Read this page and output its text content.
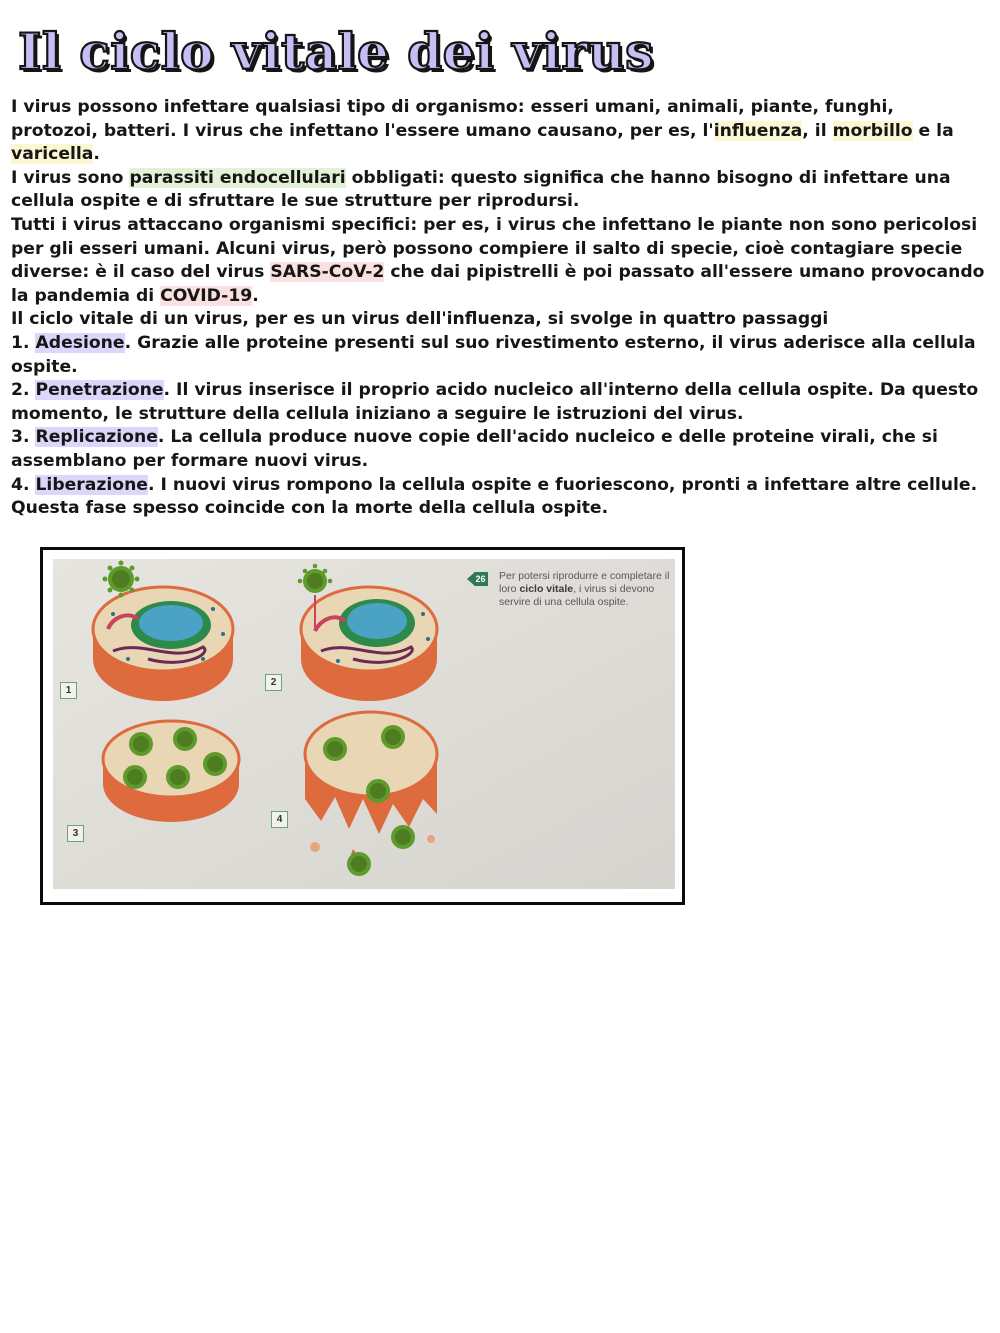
Il ciclo vitale dei virus

I virus possono infettare qualsiasi tipo di organismo: esseri umani, animali, piante, funghi, protozoi, batteri. I virus che infettano l'essere umano causano, per es, l'influenza, il morbillo e la varicella.

I virus sono parassiti endocellulari obbligati: questo significa che hanno bisogno di infettare una cellula ospite e di sfruttare le sue strutture per riprodursi.

Tutti i virus attaccano organismi specifici: per es, i virus che infettano le piante non sono pericolosi per gli esseri umani. Alcuni virus, però possono compiere il salto di specie, cioè contagiare specie diverse: è il caso del virus SARS-CoV-2 che dai pipistrelli è poi passato all'essere umano provocando la pandemia di COVID-19.

Il ciclo vitale di un virus, per es un virus dell'influenza, si svolge in quattro passaggi

1. Adesione. Grazie alle proteine presenti sul suo rivestimento esterno, il virus aderisce alla cellula ospite.

2. Penetrazione. Il virus inserisce il proprio acido nucleico all'interno della cellula ospite. Da questo momento, le strutture della cellula iniziano a seguire le istruzioni del virus.

3. Replicazione. La cellula produce nuove copie dell'acido nucleico e delle proteine virali, che si assemblano per formare nuovi virus.

4. Liberazione. I nuovi virus rompono la cellula ospite e fuoriescono, pronti a infettare altre cellule. Questa fase spesso coincide con la morte della cellula ospite.

26 Per potersi riprodurre e completare il loro ciclo vitale, i virus si devono servire di una cellula ospite.
1
2
3
4
